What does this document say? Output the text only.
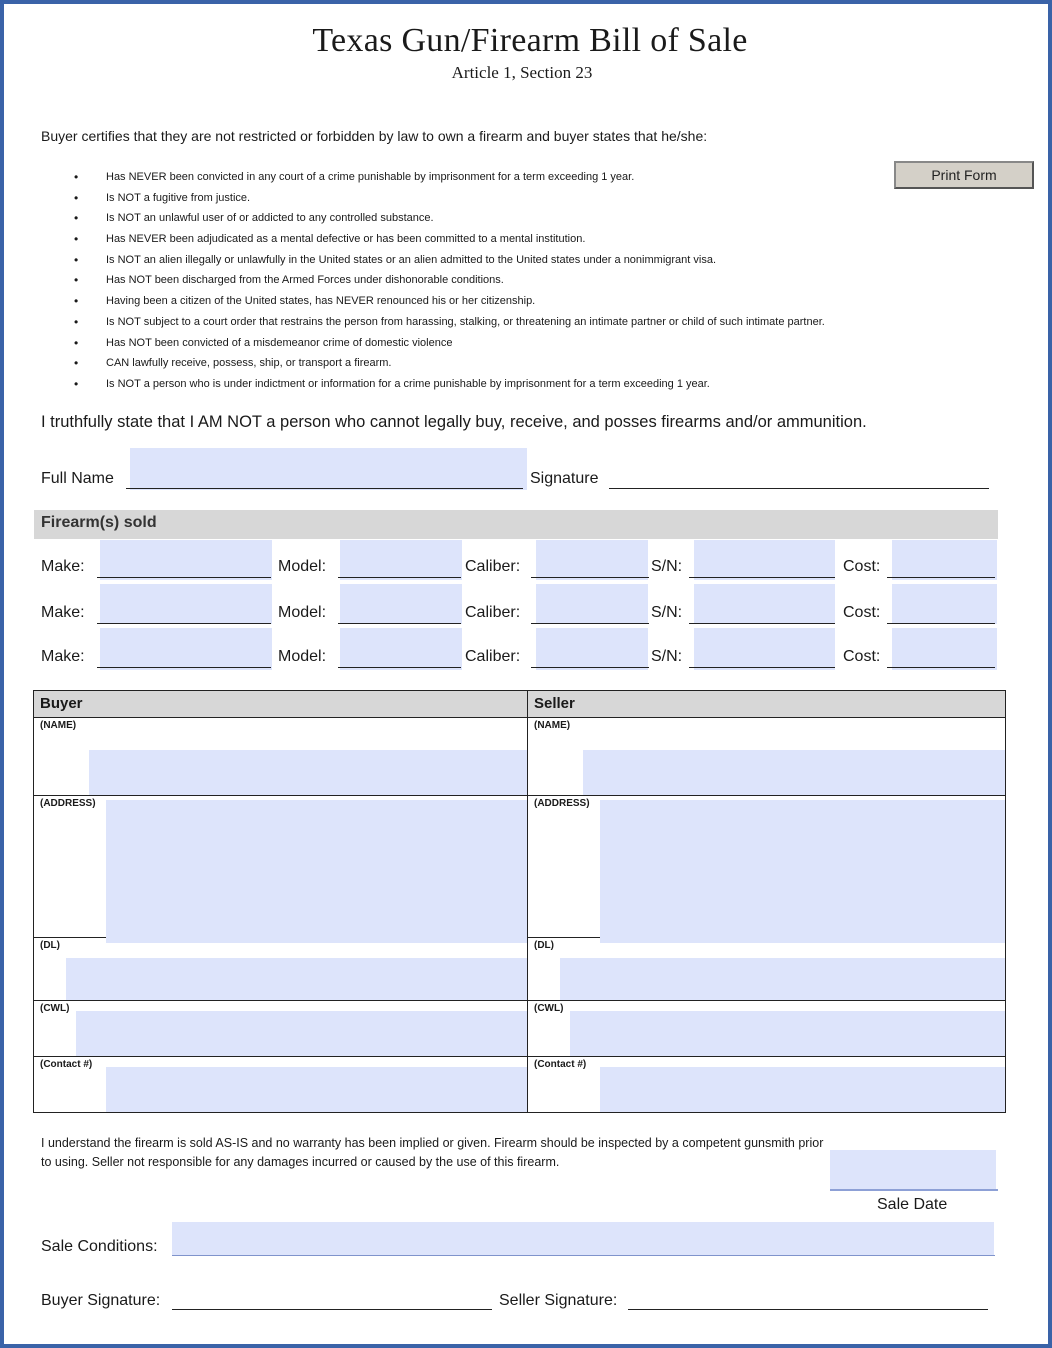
Texas Gun/Firearm Bill of Sale
Article 1, Section 23
Buyer certifies that they are not restricted or forbidden by law to own a firearm and buyer states that he/she:
Print Form
• Has NEVER been convicted in any court of a crime punishable by imprisonment for a term exceeding 1 year.
• Is NOT a fugitive from justice.
• Is NOT an unlawful user of or addicted to any controlled substance.
• Has NEVER been adjudicated as a mental defective or has been committed to a mental institution.
• Is NOT an alien illegally or unlawfully in the United states or an alien admitted to the United states under a nonimmigrant visa.
• Has NOT been discharged from the Armed Forces under dishonorable conditions.
• Having been a citizen of the United states, has NEVER renounced his or her citizenship.
• Is NOT subject to a court order that restrains the person from harassing, stalking, or threatening an intimate partner or child of such intimate partner.
• Has NOT been convicted of a misdemeanor crime of domestic violence
• CAN lawfully receive, possess, ship, or transport a firearm.
• Is NOT a person who is under indictment or information for a crime punishable by imprisonment for a term exceeding 1 year.
I truthfully state that I AM NOT a person who cannot legally buy, receive, and posses firearms and/or ammunition.
Full Name	Signature
Firearm(s) sold
Make:	Model:	Caliber:	S/N:	Cost:
Make:	Model:	Caliber:	S/N:	Cost:
Make:	Model:	Caliber:	S/N:	Cost:
Buyer	Seller

(NAME)	(NAME)

(ADDRESS)	(ADDRESS)

(DL)	(DL)

(CWL)	(CWL)

(Contact #)	(Contact #)
I understand the firearm is sold AS-IS and no warranty has been implied or given. Firearm should be inspected by a competent gunsmith prior to using. Seller not responsible for any damages incurred or caused by the use of this firearm.
Sale Date
Sale Conditions:
Buyer Signature:	Seller Signature:
